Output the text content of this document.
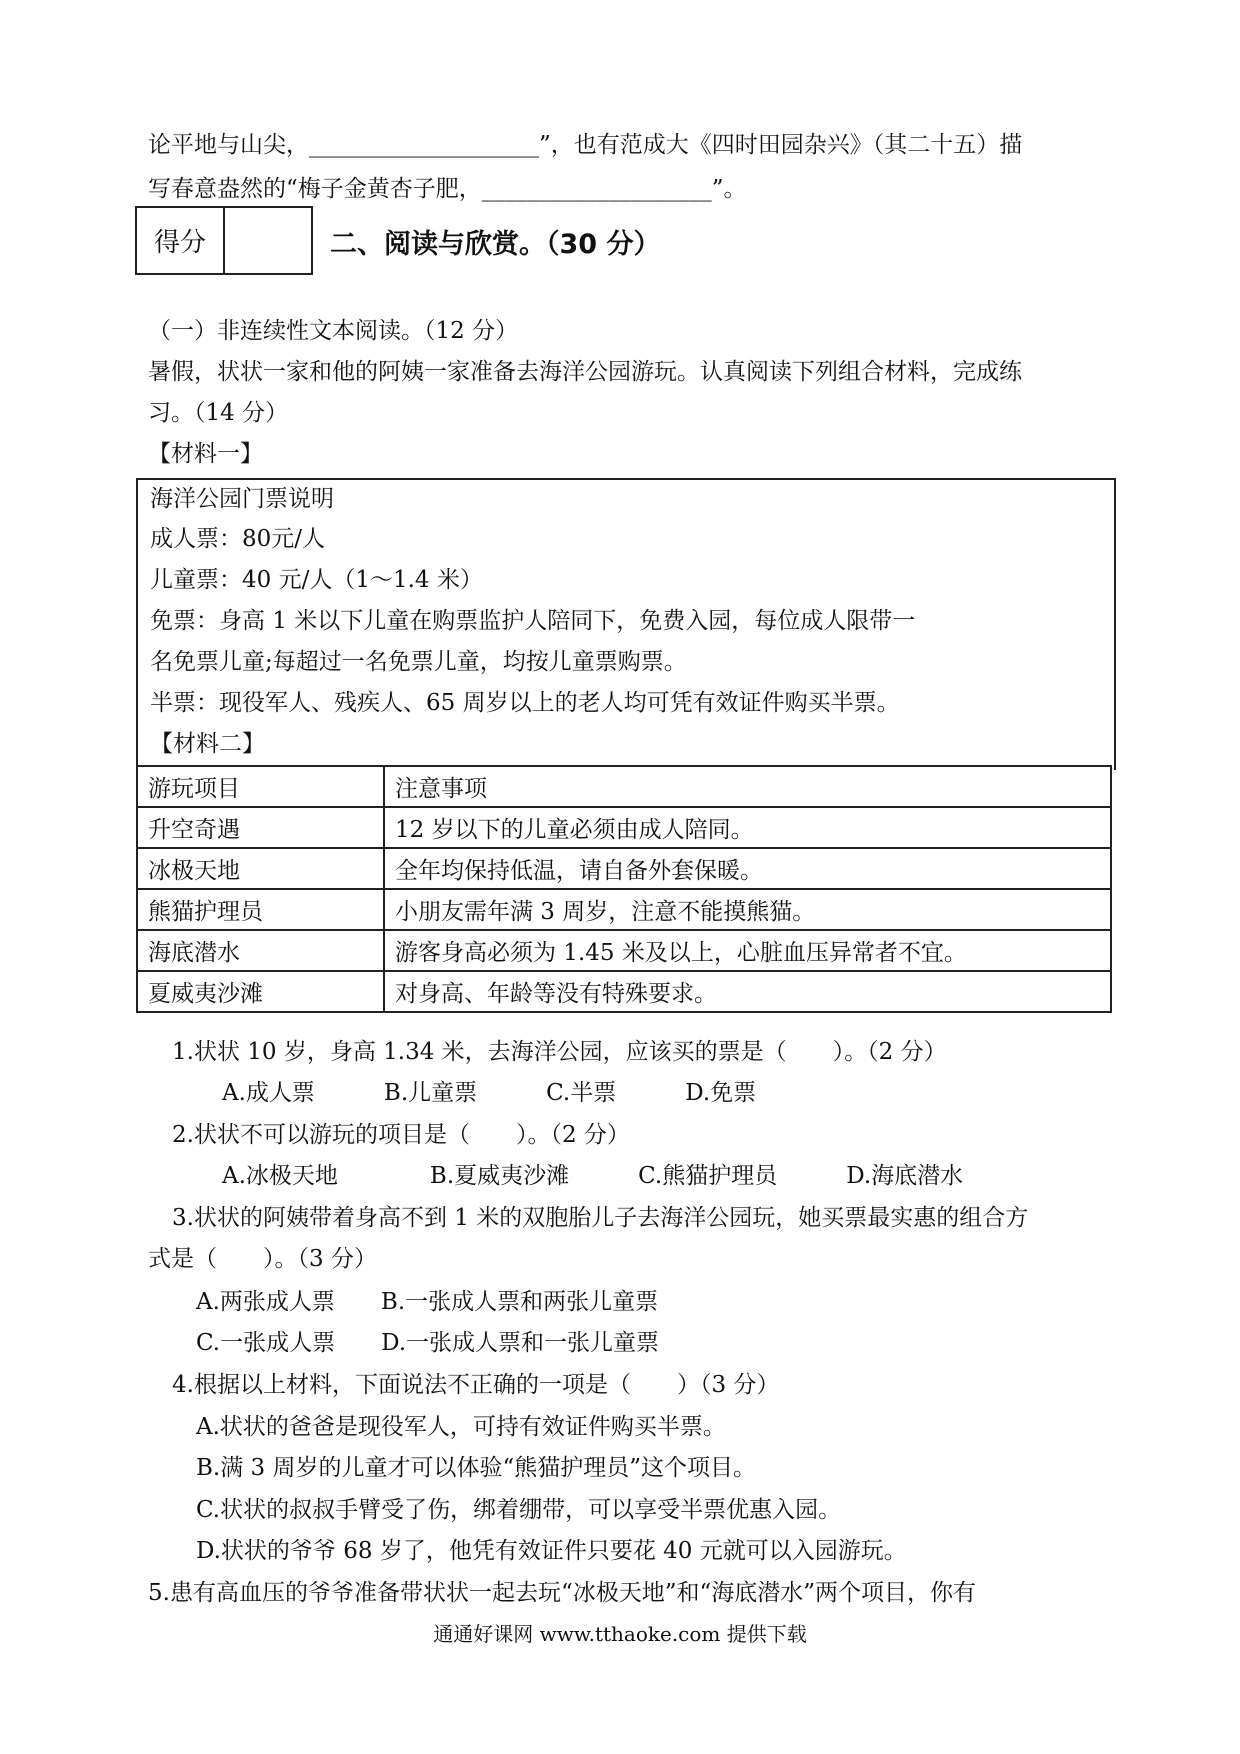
论平地与山尖，____________________”，也有范成大《四时田园杂兴》（其二十五）描
写春意盎然的“梅子金黄杏子肥，____________________”。
得分	二、阅读与欣赏。（30 分）
（一）非连续性文本阅读。（12 分）
暑假，状状一家和他的阿姨一家准备去海洋公园游玩。认真阅读下列组合材料，完成练
习。（14 分）
【材料一】
海洋公园门票说明
成人票：80元/人
儿童票：40 元/人（1～1.4 米）
免票：身高 1 米以下儿童在购票监护人陪同下，免费入园，每位成人限带一
名免票儿童;每超过一名免票儿童，均按儿童票购票。
半票：现役军人、残疾人、65 周岁以上的老人均可凭有效证件购买半票。
【材料二】
游玩项目	注意事项
升空奇遇	12 岁以下的儿童必须由成人陪同。
冰极天地	全年均保持低温，请自备外套保暖。
熊猫护理员	小朋友需年满 3 周岁，注意不能摸熊猫。
海底潜水	游客身高必须为 1.45 米及以上，心脏血压异常者不宜。
夏威夷沙滩	对身高、年龄等没有特殊要求。
1.状状 10 岁，身高 1.34 米，去海洋公园，应该买的票是（　　）。（2 分）
A.成人票　　　B.儿童票　　　C.半票　　　D.免票
2.状状不可以游玩的项目是（　　）。（2 分）
A.冰极天地　　　　B.夏威夷沙滩　　　C.熊猫护理员　　　D.海底潜水
3.状状的阿姨带着身高不到 1 米的双胞胎儿子去海洋公园玩，她买票最实惠的组合方
式是（　　）。（3 分）
A.两张成人票　　B.一张成人票和两张儿童票
C.一张成人票　　D.一张成人票和一张儿童票
4.根据以上材料，下面说法不正确的一项是（　　）（3 分）
A.状状的爸爸是现役军人，可持有效证件购买半票。
B.满 3 周岁的儿童才可以体验“熊猫护理员”这个项目。
C.状状的叔叔手臂受了伤，绑着绷带，可以享受半票优惠入园。
D.状状的爷爷 68 岁了，他凭有效证件只要花 40 元就可以入园游玩。
5.患有高血压的爷爷准备带状状一起去玩“冰极天地”和“海底潜水”两个项目，你有
通通好课网 www.tthaoke.com 提供下载
